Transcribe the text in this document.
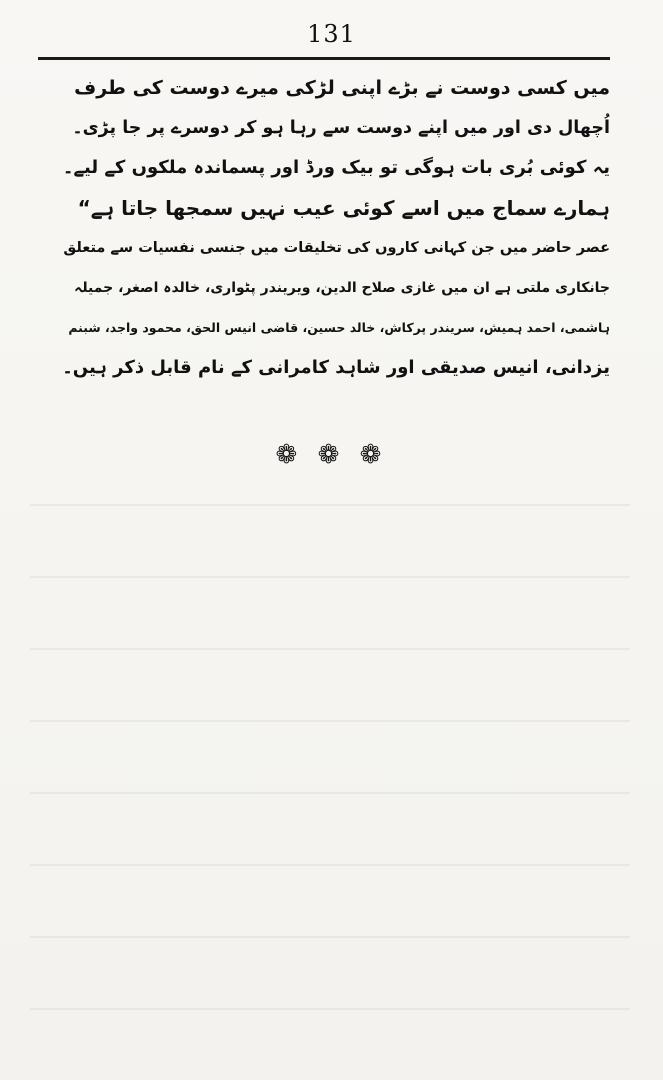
131
میں کسی دوست نے بڑے اپنی لڑکی میرے دوست کی طرف
اُچھال دی اور میں اپنے دوست سے رہا ہو کر دوسرے پر جا پڑی۔
یہ کوئی بُری بات ہوگی تو بیک ورڈ اور پسماندہ ملکوں کے لیے۔
ہمارے سماج میں اسے کوئی عیب نہیں سمجھا جاتا ہے“
عصر حاضر میں جن کہانی کاروں کی تخلیقات میں جنسی نفسیات سے متعلق
جانکاری ملتی ہے ان میں غازی صلاح الدین، ویریندر پٹواری، خالدہ اصغر، جمیلہ
ہاشمی، احمد ہمیش، سریندر پرکاش، خالد حسین، قاضی انیس الحق، محمود واجد، شبنم
یزدانی، انیس صدیقی اور شاہد کامرانی کے نام قابل ذکر ہیں۔
❁ ❁ ❁
